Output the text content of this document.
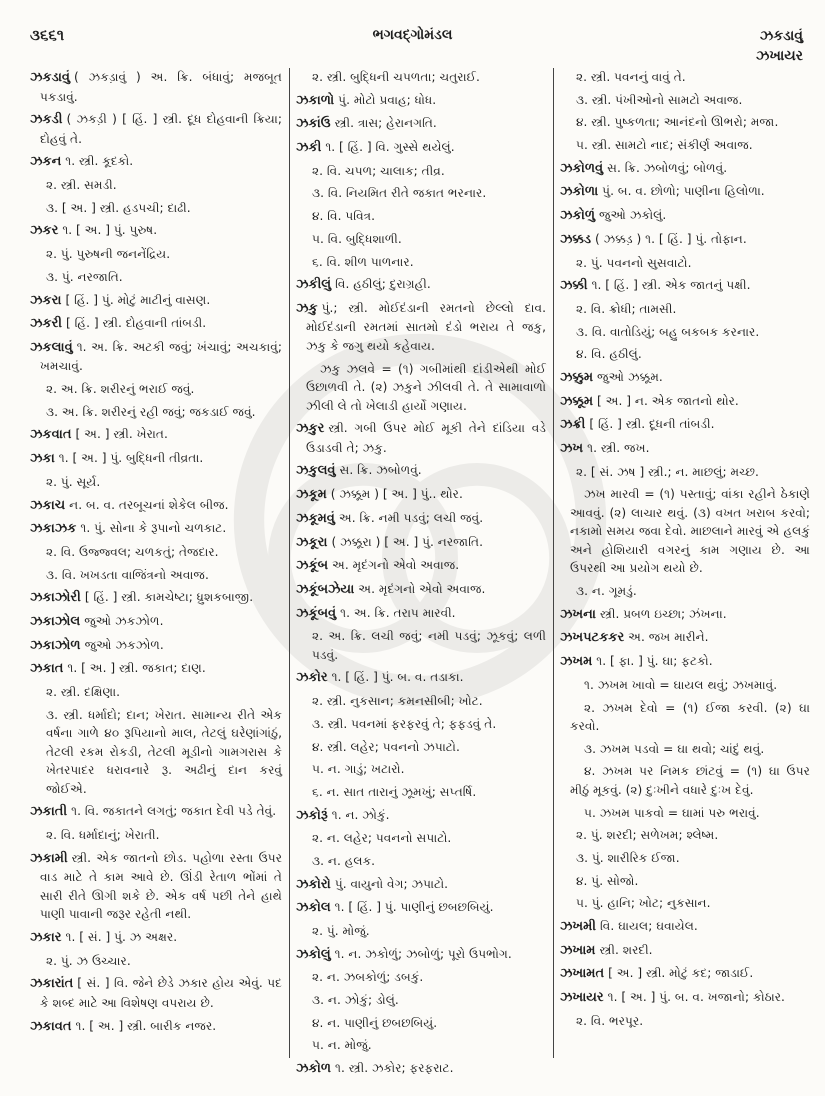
૩૬૬૧	ભગવદ્ગોમંડલ	ઝકડાવું
ઝખાયર
ઝકડાવું ( ઝકડ઼ાવું ) અ. ક્રિ. બંધાવું; મજબૂત પકડાવું.
ઝકડી ( ઝકડ઼ી ) [ હિં. ] સ્ત્રી. દૂધ દોહવાની ક્રિયા; દોહવું તે.
ઝકન ૧. સ્ત્રી. કૂદકો.
૨. સ્ત્રી. સમડી.
૩. [ અ. ] સ્ત્રી. હડપચી; દાઢી.
ઝકર ૧. [ અ. ] પું. પુરુષ.
૨. પું. પુરુષની જનનેંદ્રિય.
૩. પું. નરજાતિ.
ઝકરા [ હિં. ] પું. મોટું માટીનું વાસણ.
ઝકરી [ હિં. ] સ્ત્રી. દોહવાની તાંબડી.
ઝકલાવું ૧. અ. ક્રિ. અટકી જવું; ખંચાવું; અચકાવું; ખમચાવું.
૨. અ. ક્રિ. શરીરનું ભરાઈ જવું.
૩. અ. ક્રિ. શરીરનું રહી જવું; જકડાઈ જવું.
ઝકવાત [ અ. ] સ્ત્રી. ખેરાત.
ઝકા ૧. [ અ. ] પું. બુદ્ધિની તીવ્રતા.
૨. પું. સૂર્ય.
ઝકાચ ન. બ. વ. તરબૂચનાં શેકેલ બીજ.
ઝકાઝક ૧. પું. સોના કે રૂપાનો ચળકાટ.
૨. વિ. ઉજ્જ્વલ; ચળકતું; તેજદાર.
૩. વિ. ખખડતા વાજિંત્રનો અવાજ.
ઝકાઝોરી [ હિં. ] સ્ત્રી. કામચેષ્ટા; ધ્રુશકબાજી.
ઝકાઝોલ જુઓ ઝકઝોળ.
ઝકાઝોળ જુઓ ઝકઝોળ.
ઝકાત ૧. [ અ. ] સ્ત્રી. જકાત; દાણ.
૨. સ્ત્રી. દક્ષિણા.
૩. સ્ત્રી. ધર્માદો; દાન; ખેરાત. સામાન્ય રીતે એક વર્ષના ગાળે ૪૦ રૂપિયાનો માલ, તેટલું ઘરેણાંગાંઠું, તેટલી રકમ રોકડી, તેટલી મૂડીનો ગામગરાસ કે ખેતરપાદર ધરાવનારે રૂ. અઢીનું દાન કરવું જોઈએ.
ઝકાતી ૧. વિ. જકાતને લગતું; જકાત દેવી પડે તેવું.
૨. વિ. ધર્માદાનું; ખેરાતી.
ઝકામી સ્ત્રી. એક જાતનો છોડ. પહોળા રસ્તા ઉપર વાડ માટે તે કામ આવે છે. ઊંડી રેતાળ ભોંમાં તે સારી રીતે ઊગી શકે છે. એક વર્ષ પછી તેને હાથે પાણી પાવાની જરૂર રહેતી નથી.
ઝકાર ૧. [ સં. ] પું. ઝ અક્ષર.
૨. પું. ઝ ઉચ્ચાર.
ઝકારાંત [ સં. ] વિ. જેને છેડે ઝકાર હોય એવું. પદ કે શબ્દ માટે આ વિશેષણ વપરાય છે.
ઝકાવત ૧. [ અ. ] સ્ત્રી. બારીક નજર.
૨. સ્ત્રી. બુદ્ધિની ચપળતા; ચતુરાઈ.
ઝકાળો પું. મોટો પ્રવાહ; ધોધ.
ઝકાંઉ સ્ત્રી. ત્રાસ; હેરાનગતિ.
ઝકી ૧. [ હિં. ] વિ. ગુસ્સે થયેલું.
૨. વિ. ચપળ; ચાલાક; તીવ્ર.
૩. વિ. નિયમિત રીતે જકાત ભરનાર.
૪. વિ. પવિત્ર.
૫. વિ. બુદ્ધિશાળી.
૬. વિ. શીળ પાળનાર.
ઝકીલું વિ. હઠીલું; દુરાગ્રહી.
ઝકુ પું.; સ્ત્રી. મોઈદંડાની રમતનો છેલ્લો દાવ. મોઈદંડાની રમતમાં સાતમો દંડો ભરાય તે જકુ, ઝકુ કે જગુ થયો કહેવાય.
ઝકુ ઝલવે = (૧) ગબીમાંથી દાંડીએથી મોઈ ઉછાળવી તે. (૨) ઝકુને ઝીલવી તે. તે સામાવાળો ઝીલી લે તો ખેલાડી હાર્યો ગણાય.
ઝકુર સ્ત્રી. ગબી ઉપર મોઈ મૂકી તેને દાંડિયા વડે ઉડાડવી તે; ઝકુ.
ઝકુલવું સ. ક્રિ. ઝબોળવું.
ઝકૂમ ( ઝક્કૂમ ) [ અ. ] પું.. થોર.
ઝકૂમવું અ. ક્રિ. નમી પડવું; લચી જવું.
ઝકૂરા ( ઝક્કૂરા ) [ અ. ] પું. નરજાતિ.
ઝકૂંબ અ. મૃદંગનો એવો અવાજ.
ઝકૂંબઝેયા અ. મૃદંગનો એવો અવાજ.
ઝકૂંબવું ૧. અ. ક્રિ. તરાપ મારવી.
૨. અ. ક્રિ. લચી જવું; નમી પડવું; ઝૂકવું; લળી પડવું.
ઝકોર ૧. [ હિં. ] પું. બ. વ. તડાકા.
૨. સ્ત્રી. નુકસાન; કમનસીબી; ખોટ.
૩. સ્ત્રી. પવનમાં ફરફરવું તે; ફફડવું તે.
૪. સ્ત્રી. લહેર; પવનનો ઝપાટો.
૫. ન. ગાડું; ખટારો.
૬. ન. સાત તારાનું ઝૂમખું; સપ્તર્ષિ.
ઝકોરૂં ૧. ન. ઝોકું.
૨. ન. લહેર; પવનનો સપાટો.
૩. ન. હલક.
ઝકોરો પું. વાયુનો વેગ; ઝપાટો.
ઝકોલ ૧. [ હિં. ] પું. પાણીનું છબછબિયું.
૨. પું. મોજું.
ઝકોલું ૧. ન. ઝકોળું; ઝબોળું; પૂરો ઉપભોગ.
૨. ન. ઝબકોળું; ડબકું.
૩. ન. ઝોકું; ડોલું.
૪. ન. પાણીનું છબછબિયું.
૫. ન. મોજું.
ઝકોળ ૧. સ્ત્રી. ઝકોર; ફરફરાટ.
૨. સ્ત્રી. પવનનું વાવું તે.
૩. સ્ત્રી. પંખીઓનો સામટો અવાજ.
૪. સ્ત્રી. પુષ્કળતા; આનંદનો ઊભરો; મજા.
૫. સ્ત્રી. સામટો નાદ; સંકીર્ણ અવાજ.
ઝકોળવું સ. ક્રિ. ઝબોળવું; બોળવું.
ઝકોળા પું. બ. વ. છોળો; પાણીના હિલોળા.
ઝકોળું જુઓ ઝકોલું.
ઝક્કડ ( ઝક્કડ઼ ) ૧. [ હિં. ] પું. તોફાન.
૨. પું. પવનનો સુસવાટો.
ઝક્કી ૧. [ હિં. ] સ્ત્રી. એક જાતનું પક્ષી.
૨. વિ. ક્રોધી; તામસી.
૩. વિ. વાતોડિયું; બહુ બકબક કરનાર.
૪. વિ. હઠીલું.
ઝક્કુમ જુઓ ઝક્કૂમ.
ઝક્કૂમ [ અ. ] ન. એક જાતનો થોર.
ઝક્રી [ હિં. ] સ્ત્રી. દૂધની તાંબડી.
ઝખ ૧. સ્ત્રી. જખ.
૨. [ સં. ઝષ ] સ્ત્રી.; ન. માછલું; મચ્છ.
ઝખ મારવી = (૧) પસ્તાવું; વાંકા રહીને ઠેકાણે આવવું. (૨) લાચાર થવું. (૩) વખત ખરાબ કરવો; નકામો સમય જવા દેવો. માછલાને મારવું એ હલકું અને હોશિયારી વગરનું કામ ગણાય છે. આ ઉપરથી આ પ્રયોગ થયો છે.
૩. ન. ગૂમડું.
ઝખના સ્ત્રી. પ્રબળ ઇચ્છા; ઝંખના.
ઝખપટકકર અ. જખ મારીને.
ઝખમ ૧. [ ફા. ] પું. ઘા; ફટકો.
૧. ઝખમ ખાવો = ઘાયલ થવું; ઝખમાવું.
૨. ઝખમ દેવો = (૧) ઈજા કરવી. (૨) ઘા કરવો.
૩. ઝખમ પડવો = ઘા થવો; ચાંદું થવું.
૪. ઝખમ પર નિમક છાંટવું = (૧) ઘા ઉપર મીઠું મૂકવું. (૨) દુઃખીને વધારે દુઃખ દેવું.
૫. ઝખમ પાકવો = ઘામાં પરુ ભરાવું.
૨. પું. શરદી; સળેખમ; શ્લેષ્મ.
૩. પું. શારીરિક ઈજા.
૪. પું. સોજો.
૫. પું. હાનિ; ખોટ; નુકસાન.
ઝખમી વિ. ઘાયલ; ઘવાયેલ.
ઝખામ સ્ત્રી. શરદી.
ઝખામત [ અ. ] સ્ત્રી. મોટું કદ; જાડાઈ.
ઝખાયર ૧. [ અ. ] પું. બ. વ. ખજાનો; કોઠાર.
૨. વિ. ભરપૂર.
